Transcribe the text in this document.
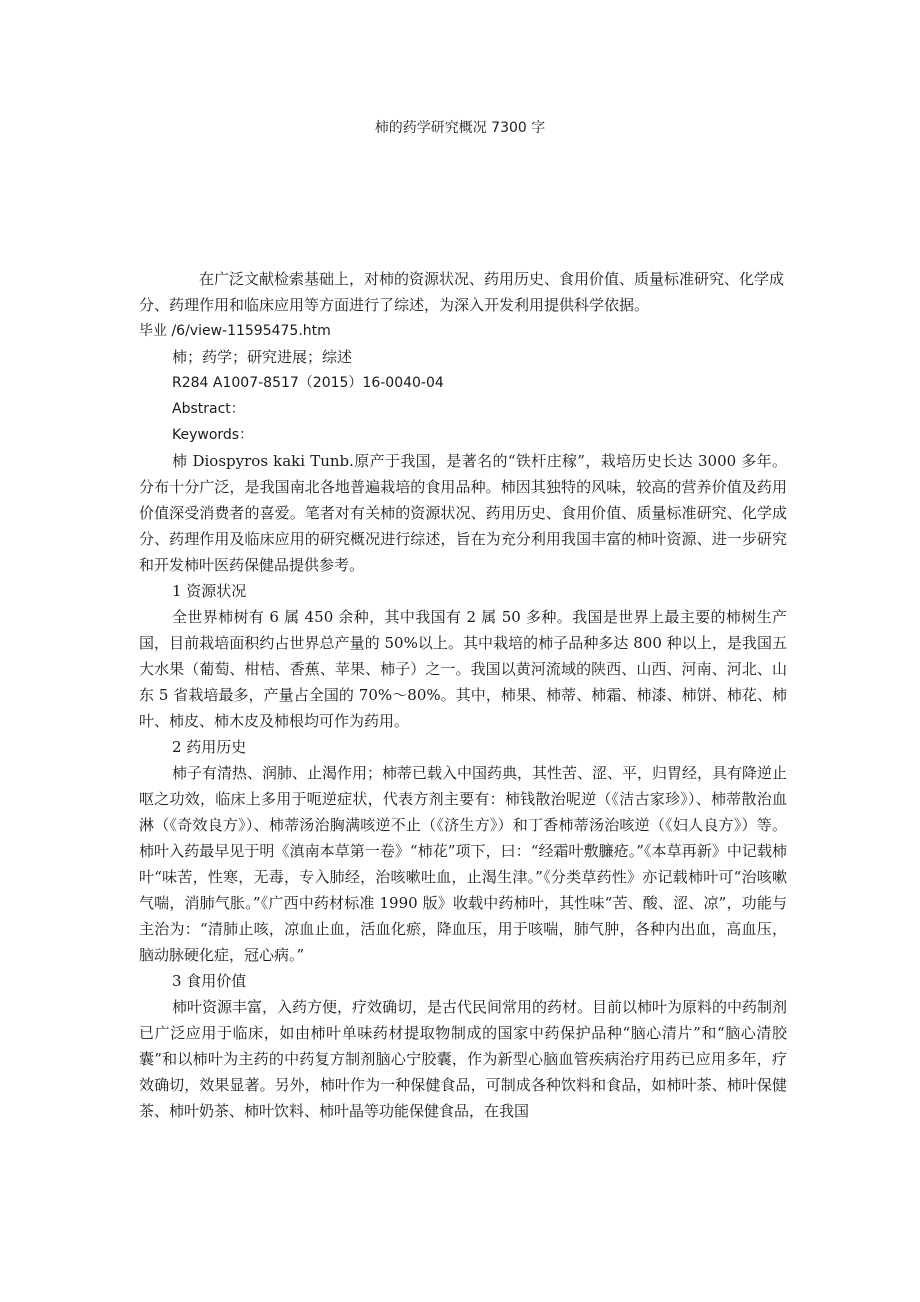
柿的药学研究概况 7300 字

在广泛文献检索基础上，对柿的资源状况、药用历史、食用价值、质量标准研究、化学成分、药理作用和临床应用等方面进行了综述，为深入开发利用提供科学依据。

毕业 /6/view-11595475.htm

柿；药学；研究进展；综述

R284 A1007-8517（2015）16-0040-04

Abstract：

Keywords：

柿 Diospyros kaki Tunb.原产于我国，是著名的“铁杆庄稼”，栽培历史长达 3000 多年。分布十分广泛，是我国南北各地普遍栽培的食用品种。柿因其独特的风味，较高的营养价值及药用价值深受消费者的喜爱。笔者对有关柿的资源状况、药用历史、食用价值、质量标准研究、化学成分、药理作用及临床应用的研究概况进行综述，旨在为充分利用我国丰富的柿叶资源、进一步研究和开发柿叶医药保健品提供参考。

1 资源状况

全世界柿树有 6 属 450 余种，其中我国有 2 属 50 多种。我国是世界上最主要的柿树生产国，目前栽培面积约占世界总产量的 50%以上。其中栽培的柿子品种多达 800 种以上，是我国五大水果（葡萄、柑桔、香蕉、苹果、柿子）之一。我国以黄河流域的陕西、山西、河南、河北、山东 5 省栽培最多，产量占全国的 70%～80%。其中，柿果、柿蒂、柿霜、柿漆、柿饼、柿花、柿叶、柿皮、柿木皮及柿根均可作为药用。

2 药用历史

柿子有清热、润肺、止渴作用；柿蒂已载入中国药典，其性苦、涩、平，归胃经，具有降逆止呕之功效，临床上多用于呃逆症状，代表方剂主要有：柿钱散治呢逆（《洁古家珍》）、柿蒂散治血淋（《奇效良方》）、柿蒂汤治胸满咳逆不止（《济生方》）和丁香柿蒂汤治咳逆（《妇人良方》）等。柿叶入药最早见于明《滇南本草第一卷》“柿花”项下，曰：“经霜叶敷臁疮。”《本草再新》中记载柿叶“味苦，性寒，无毒，专入肺经，治咳嗽吐血，止渴生津。”《分类草药性》亦记载柿叶可“治咳嗽气喘，消肺气胀。”《广西中药材标准 1990 版》收载中药柿叶，其性味“苦、酸、涩、凉”，功能与主治为：“清肺止咳，凉血止血，活血化瘀，降血压，用于咳喘，肺气肿，各种内出血，高血压，脑动脉硬化症，冠心病。”

3 食用价值

柿叶资源丰富，入药方便，疗效确切，是古代民间常用的药材。目前以柿叶为原料的中药制剂已广泛应用于临床，如由柿叶单味药材提取物制成的国家中药保护品种“脑心清片”和“脑心清胶囊”和以柿叶为主药的中药复方制剂脑心宁胶囊，作为新型心脑血管疾病治疗用药已应用多年，疗效确切，效果显著。另外，柿叶作为一种保健食品，可制成各种饮料和食品，如柿叶茶、柿叶保健茶、柿叶奶茶、柿叶饮料、柿叶晶等功能保健食品，在我国
